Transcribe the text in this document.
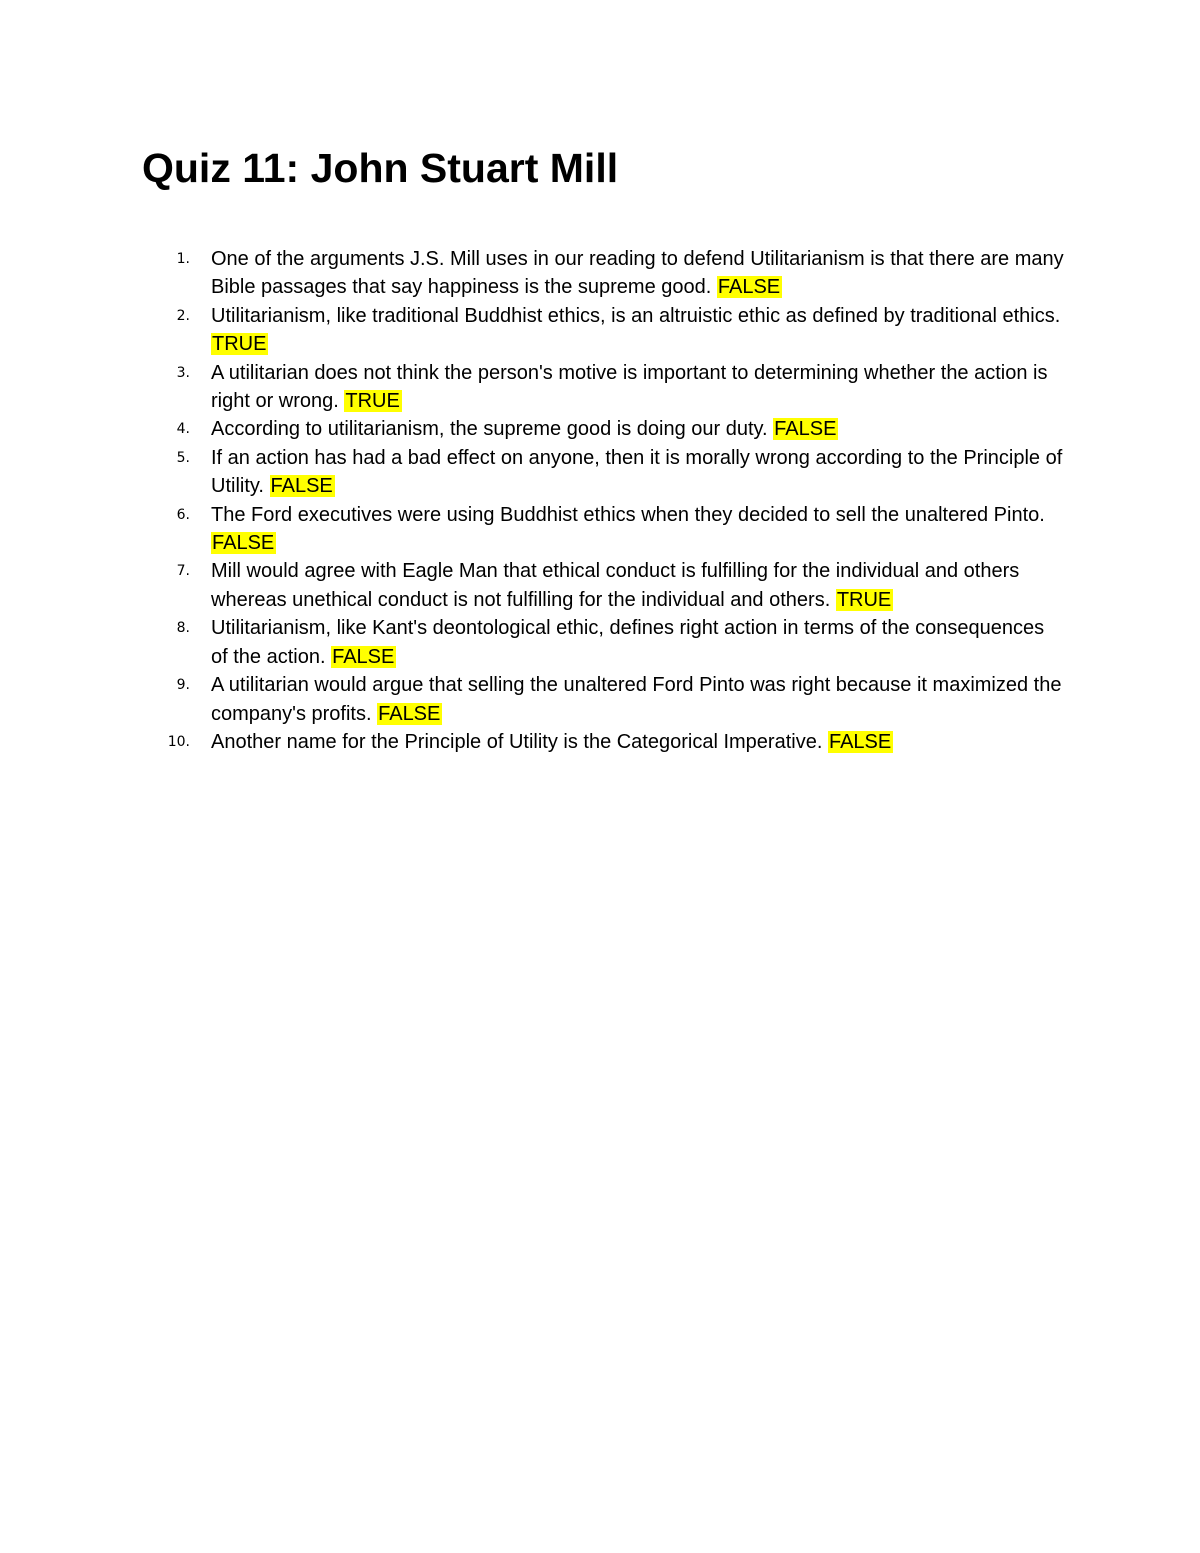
Quiz 11: John Stuart Mill
1. One of the arguments J.S. Mill uses in our reading to defend Utilitarianism is that there are many Bible passages that say happiness is the supreme good. FALSE
2. Utilitarianism, like traditional Buddhist ethics, is an altruistic ethic as defined by traditional ethics. TRUE
3. A utilitarian does not think the person's motive is important to determining whether the action is right or wrong. TRUE
4. According to utilitarianism, the supreme good is doing our duty. FALSE
5. If an action has had a bad effect on anyone, then it is morally wrong according to the Principle of Utility. FALSE
6. The Ford executives were using Buddhist ethics when they decided to sell the unaltered Pinto. FALSE
7. Mill would agree with Eagle Man that ethical conduct is fulfilling for the individual and others whereas unethical conduct is not fulfilling for the individual and others. TRUE
8. Utilitarianism, like Kant's deontological ethic, defines right action in terms of the consequences of the action. FALSE
9. A utilitarian would argue that selling the unaltered Ford Pinto was right because it maximized the company's profits. FALSE
10. Another name for the Principle of Utility is the Categorical Imperative. FALSE
